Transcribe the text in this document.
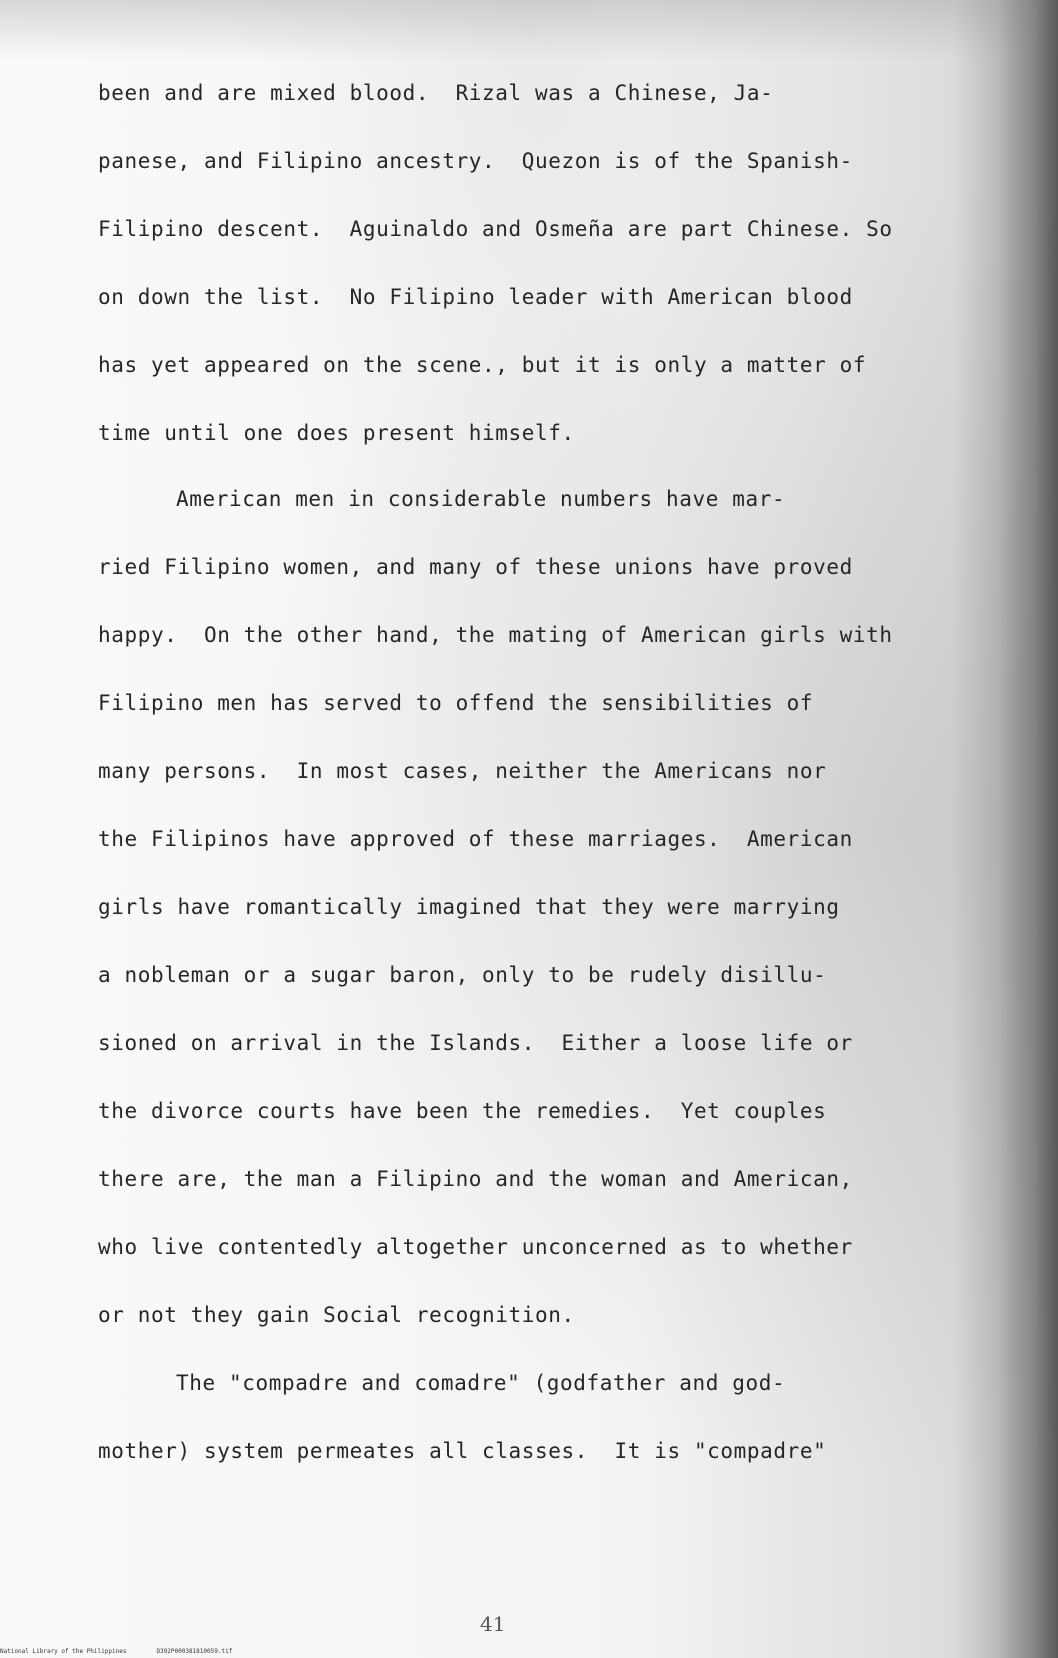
been and are mixed blood.  Rizal was a Chinese, Ja-

panese, and Filipino ancestry.  Quezon is of the Spanish-

Filipino descent.  Aguinaldo and Osmeña are part Chinese. So

on down the list.  No Filipino leader with American blood

has yet appeared on the scene., but it is only a matter of

time until one does present himself.

American men in considerable numbers have mar-

ried Filipino women, and many of these unions have proved

happy.  On the other hand, the mating of American girls with

Filipino men has served to offend the sensibilities of

many persons.  In most cases, neither the Americans nor

the Filipinos have approved of these marriages.  American

girls have romantically imagined that they were marrying

a nobleman or a sugar baron, only to be rudely disillu-

sioned on arrival in the Islands.  Either a loose life or

the divorce courts have been the remedies.  Yet couples

there are, the man a Filipino and the woman and American,

who live contentedly altogether unconcerned as to whether

or not they gain Social recognition.

The "compadre and comadre" (godfather and god-

mother) system permeates all classes.  It is "compadre"

41

National Library of the Philippines	D392P000381810059.tif
